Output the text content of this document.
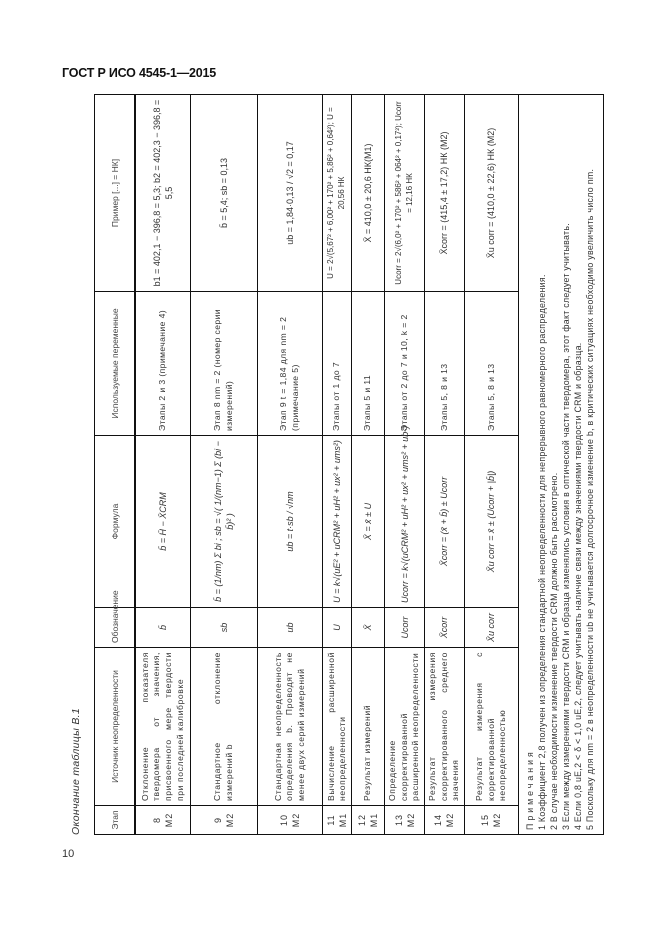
ГОСТ Р ИСО 4545-1—2015
10
Окончание таблицы B.1	Этап	Источник неопределенности	Обозначение	Формула	Используемые переменные	Пример [...] = НК]
8 M2	Отклонение показателя твердомера от значения, присвоенного мере твердости при последней калибровке	b̄	b̄ = H̄ − X̄CRM	Этапы 2 и 3 (примечание 4)	b1 = 402,1 − 396,8 = 5,3; b2 = 402,3 − 396,8 = 5,5
9 M2	Стандартное отклонение измерений b	sb	b̄ = (1/nm) Σ bi ; sb = √( 1/(nm−1) Σ (bi − b̄)² )	Этап 8 nm = 2 (номер серии измерений)	b̄ = 5,4; sb = 0,13
10 M2	Стандартная неопределенность определения b. Проводят не менее двух серий измерений	ub	ub = t·sb / √nm	Этап 9 t = 1,84 для nm = 2 (примечание 5)	ub = 1,84·0,13 / √2 = 0,17
11 M1	Вычисление расширенной неопределенности	U	U = k√(uE² + uCRM² + uH² + ux² + ums²)	Этапы от 1 до 7	U = 2√(5,67² + 6,00² + 170² + 5,86² + 0,64²); U = 20,56 НК
12 M1	Результат измерений	X̄	X̄ = x̄ ± U	Этапы 5 и 11	X̄ = 410,0 ± 20,6 НК(M1)
13 M2	Определение скорректированной расширенной неопределенности	Ucorr	Ucorr = k√(uCRM² + uH² + ux² + ums² + ub²)	Этапы от 2 до 7 и 10, k = 2	Ucorr = 2√(6,0² + 170² + 586² + 064² + 0,17²); Ucorr = 12,16 НК
14 M2	Результат измерения скорректированного среднего значения	X̄corr	X̄corr = (x̄ + b̄) ± Ucorr	Этапы 5, 8 и 13	X̄corr = (415,4 ± 17,2) НК (M2)
15 M2	Результат измерения с корректированной неопределенностью	X̄u corr	X̄u corr = x̄ ± (Ucorr + |b̄|)	Этапы 5, 8 и 13	X̄u corr = (410,0 ± 22,6) НК (M2)

Примечания 1 Коэффициент 2,8 получен из определения стандартной неопределенности для непрерывного равномерного распределения. 2 В случае необходимости изменение твердости CRM должно быть рассмотрено. 3 Если между измерениями твердости CRM и образца изменялись условия в оптической части твердомера, этот факт следует учитывать. 4 Если 0,8 uE,2 < δ < 1,0 uE,2, следует учитывать наличие связи между значениями твердости CRM и образца. 5 Поскольку для nm = 2 в неопределенности ub не учитывается долгосрочное изменение b, в критических ситуациях необходимо увеличить число nm.
